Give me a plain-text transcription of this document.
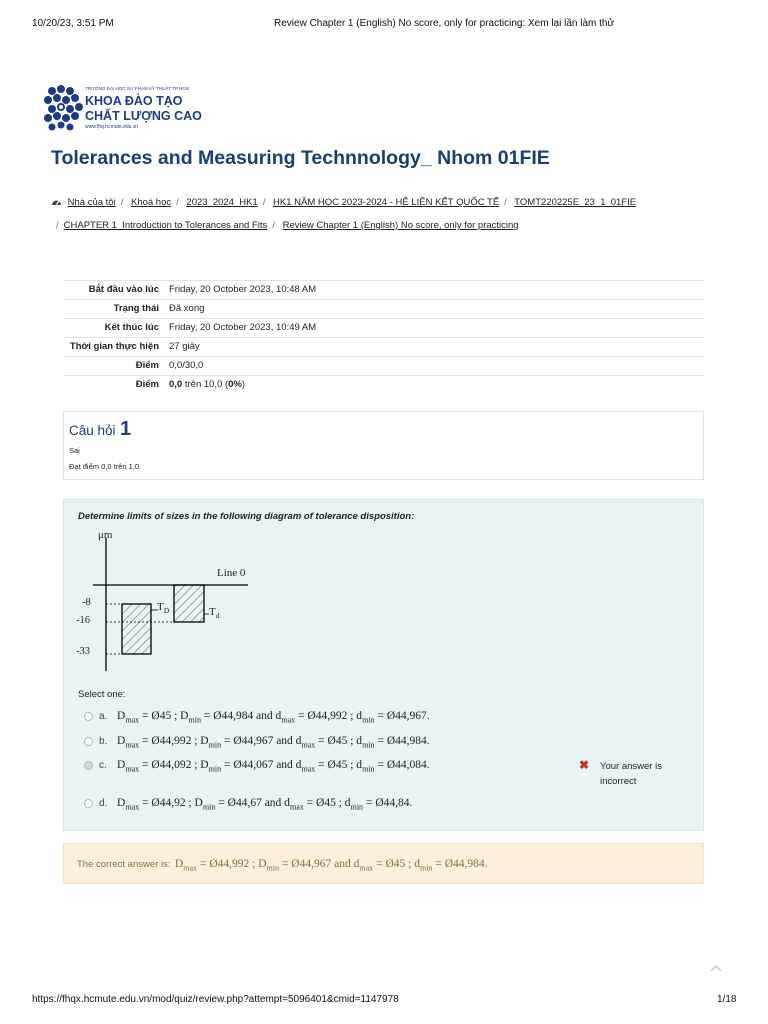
10/20/23, 3:51 PM	Review Chapter 1 (English) No score, only for practicing: Xem lại lần làm thử
TRƯỜNG ĐẠI HỌC SƯ PHẠM KỸ THUẬT TP.HCM
KHOA ĐÀO TẠO
CHẤT LƯỢNG CAO
www.fhq.hcmute.edu.vn
Tolerances and Measuring Technnology_ Nhom 01FIE
Nhà của tôi / Khoá học / 2023_2024_HK1 / HK1 NĂM HỌC 2023-2024 - HỆ LIÊN KẾT QUỐC TẾ / TOMT220225E_23_1_01FIE
/ CHAPTER 1_Introduction to Tolerances and Fits / Review Chapter 1 (English) No score, only for practicing
Bắt đầu vào lúc	Friday, 20 October 2023, 10:48 AM
Trạng thái	Đã xong
Kết thúc lúc	Friday, 20 October 2023, 10:49 AM
Thời gian thực hiện	27 giây
Điểm	0,0/30,0
Điểm	0,0 trên 10,0 (0%)
Câu hỏi 1
Sai
Đạt điểm 0,0 trên 1,0
Determine limits of sizes in the following diagram of tolerance disposition:
μm
Line 0
-8
-16
-33
$T_D$	$T_d$
Select one:
a. $D_{max}$ = Ø45 ; $D_{min}$ = Ø44,984 and $d_{max}$ = Ø44,992 ; $d_{min}$ = Ø44,967.
b. $D_{max}$ = Ø44,992 ; $D_{min}$ = Ø44,967 and $d_{max}$ = Ø45 ; $d_{min}$ = Ø44,984.
c. $D_{max}$ = Ø44,092 ; $D_{min}$ = Ø44,067 and $d_{max}$ = Ø45 ; $d_{min}$ = Ø44,084.	✖ Your answer is
incorrect
d. $D_{max}$ = Ø44,92 ; $D_{min}$ = Ø44,67 and $d_{max}$ = Ø45 ; $d_{min}$ = Ø44,84.
The correct answer is: $D_{max}$ = Ø44,992 ; $D_{min}$ = Ø44,967 and $d_{max}$ = Ø45 ; $d_{min}$ = Ø44,984.
https://fhqx.hcmute.edu.vn/mod/quiz/review.php?attempt=5096401&cmid=1147978	1/18
